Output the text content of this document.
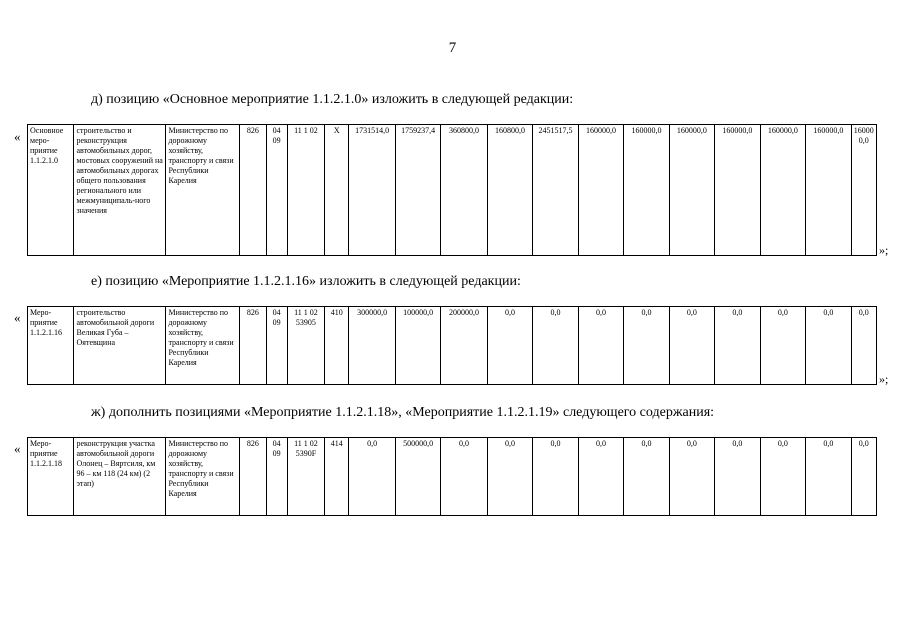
7
д) позицию «Основное мероприятие 1.1.2.1.0» изложить в следующей редакции:
« Основное меро-приятие 1.1.2.1.0	строительство и реконструкция автомобильных дорог, мостовых сооружений на автомобильных дорогах общего пользования регионального или межмуниципаль-ного значения	Министерство по дорожному хозяйству, транспорту и связи Республики Карелия	826	04 09	11 1 02	X	1731514,0	1759237,4	360800,0	160800,0	2451517,5	160000,0	160000,0	160000,0	160000,0	160000,0	160000,0	160000,0
»;
е) позицию «Мероприятие 1.1.2.1.16» изложить в следующей редакции:
« Меро-приятие 1.1.2.1.16	строительство автомобильной дороги Великая Губа – Оятевщина	Министерство по дорожному хозяйству, транспорту и связи Республики Карелия	826	04 09	11 1 02 53905	410	300000,0	100000,0	200000,0	0,0	0,0	0,0	0,0	0,0	0,0	0,0	0,0	0,0
»;
ж) дополнить позициями «Мероприятие 1.1.2.1.18», «Мероприятие 1.1.2.1.19» следующего содержания:
« Меро-приятие 1.1.2.1.18	реконструкция участка автомобильной дороги Олонец – Вяртсиля, км 96 – км 118 (24 км) (2 этап)	Министерство по дорожному хозяйству, транспорту и связи Республики Карелия	826	04 09	11 1 02 5390F	414	0,0	500000,0	0,0	0,0	0,0	0,0	0,0	0,0	0,0	0,0	0,0	0,0
